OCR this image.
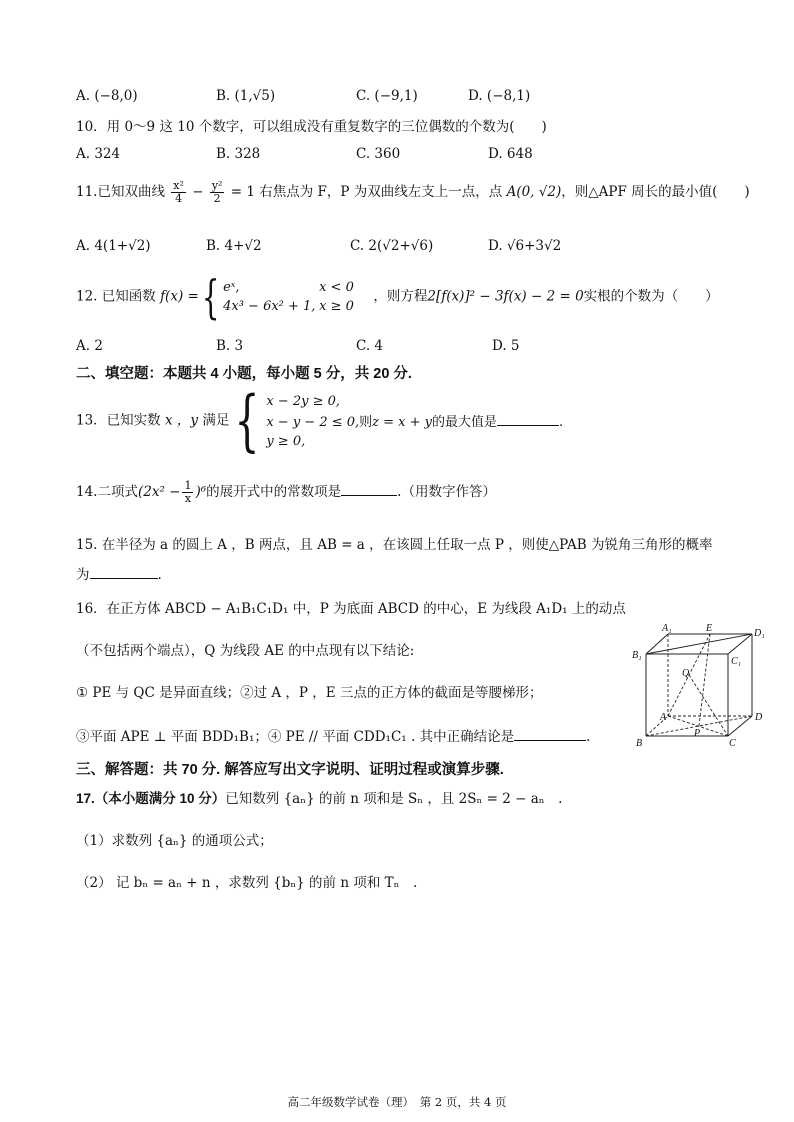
A. (−8,0)	B. (1,√5)	C. (−9,1)	D. (−8,1)
10．用 0～9 这 10 个数字，可以组成没有重复数字的三位偶数的个数为(　　)
A. 324	B. 328	C. 360	D. 648
11.已知双曲线 $\frac{\text{x²}}{4} - \frac{\text{y²}}{2} = 1$ 右焦点为 F，P 为双曲线左支上一点，点 A(0, √2)，则△APF 周长的最小值(　　)
A. 4(1+√2)	B. 4+√2	C. 2(√2+√6)	D. √6+3√2
12. 已知函数 f(x) ={ eˣ,	x < 0
4x³ − 6x² + 1, x ≥ 0 ，则方程2[f(x)]² − 3f(x) − 2 = 0实根的个数为（　　）
A. 2	B. 3	C. 4	D. 5
二、填空题：本题共 4 小题，每小题 5 分，共 20 分.
13．已知实数 x ，y 满足{ x − 2y ≥ 0,
x − y − 2 ≤ 0,则z = x + y的最大值是	.
y ≥ 0,
14.二项式$(2x^2 - \frac{1}{x} )^6$的展开式中的常数项是	.（用数字作答）
15. 在半径为 a 的圆上 A ，B 两点，且 AB = a ，在该圆上任取一点 P ，则使△PAB 为锐角三角形的概率
为	.
16．在正方体 ABCD − A₁B₁C₁D₁ 中，P 为底面 ABCD 的中心，E 为线段 A₁D₁ 上的动点
（不包括两个端点），Q 为线段 AE 的中点现有以下结论:
① PE 与 QC 是异面直线；②过 A ，P ，E 三点的正方体的截面是等腰梯形；
③平面 APE ⊥ 平面 BDD₁B₁；④ PE // 平面 CDD₁C₁ . 其中正确结论是	.
A₁	E	D₁
B₁
C₁
Q
A
P
D
B	C
三、解答题：共 70 分. 解答应写出文字说明、证明过程或演算步骤.
17.（本小题满分 10 分）已知数列 {aₙ} 的前 n 项和是 Sₙ ，且 2Sₙ = 2 − aₙ　.
（1）求数列 {aₙ} 的通项公式；
（2） 记 bₙ = aₙ + n ，求数列 {bₙ} 的前 n 项和 Tₙ　.
高二年级数学试卷（理）　第 2 页，共 4 页
